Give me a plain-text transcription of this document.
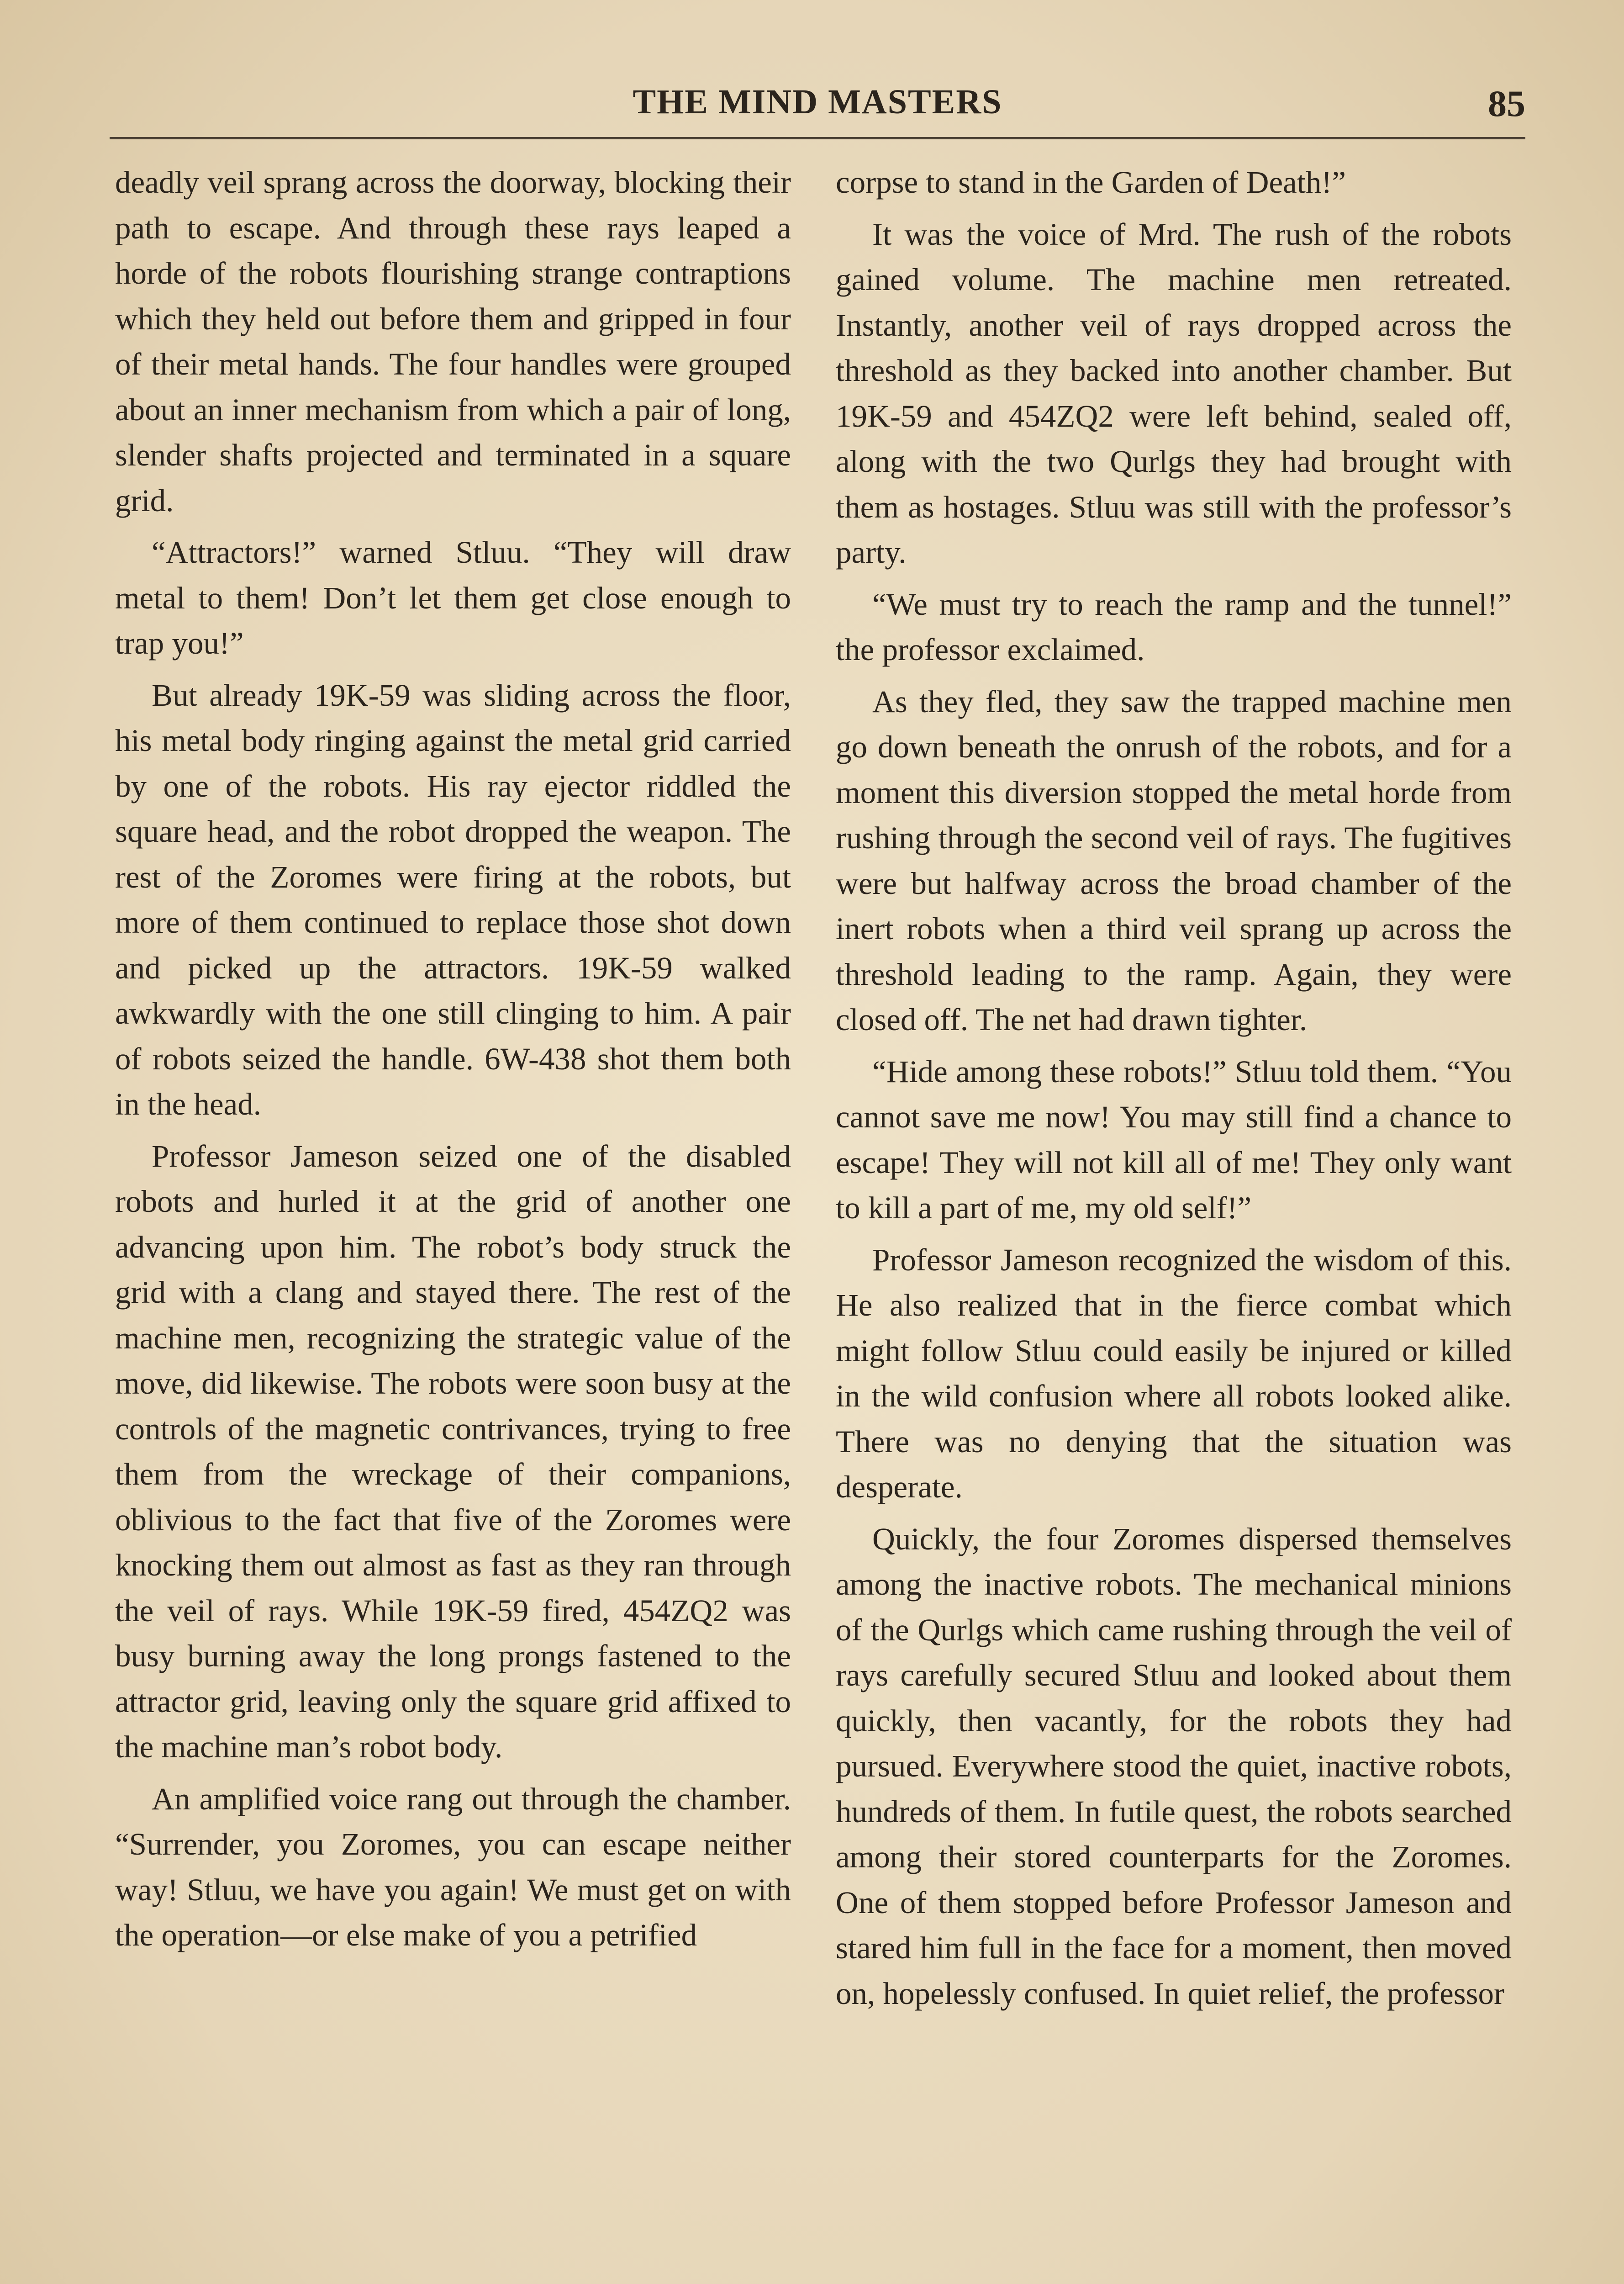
THE MIND MASTERS	85

deadly veil sprang across the doorway, blocking their path to escape. And through these rays leaped a horde of the robots flourishing strange contraptions which they held out before them and gripped in four of their metal hands. The four handles were grouped about an inner mechanism from which a pair of long, slender shafts projected and terminated in a square grid.

“Attractors!” warned Stluu. “They will draw metal to them! Don’t let them get close enough to trap you!”

But already 19K-59 was sliding across the floor, his metal body ringing against the metal grid carried by one of the robots. His ray ejector riddled the square head, and the robot dropped the weapon. The rest of the Zoromes were firing at the robots, but more of them continued to replace those shot down and picked up the attractors. 19K-59 walked awkwardly with the one still clinging to him. A pair of robots seized the handle. 6W-438 shot them both in the head.

Professor Jameson seized one of the disabled robots and hurled it at the grid of another one advancing upon him. The robot’s body struck the grid with a clang and stayed there. The rest of the machine men, recognizing the strategic value of the move, did likewise. The robots were soon busy at the controls of the magnetic contrivances, trying to free them from the wreckage of their companions, oblivious to the fact that five of the Zoromes were knocking them out almost as fast as they ran through the veil of rays. While 19K-59 fired, 454ZQ2 was busy burning away the long prongs fastened to the attractor grid, leaving only the square grid affixed to the machine man’s robot body.

An amplified voice rang out through the chamber. “Surrender, you Zoromes, you can escape neither way! Stluu, we have you again! We must get on with the operation—or else make of you a petrified

corpse to stand in the Garden of Death!”

It was the voice of Mrd. The rush of the robots gained volume. The machine men retreated. Instantly, another veil of rays dropped across the threshold as they backed into another chamber. But 19K-59 and 454ZQ2 were left behind, sealed off, along with the two Qurlgs they had brought with them as hostages. Stluu was still with the professor’s party.

“We must try to reach the ramp and the tunnel!” the professor exclaimed.

As they fled, they saw the trapped machine men go down beneath the onrush of the robots, and for a moment this diversion stopped the metal horde from rushing through the second veil of rays. The fugitives were but halfway across the broad chamber of the inert robots when a third veil sprang up across the threshold leading to the ramp. Again, they were closed off. The net had drawn tighter.

“Hide among these robots!” Stluu told them. “You cannot save me now! You may still find a chance to escape! They will not kill all of me! They only want to kill a part of me, my old self!”

Professor Jameson recognized the wisdom of this. He also realized that in the fierce combat which might follow Stluu could easily be injured or killed in the wild confusion where all robots looked alike. There was no denying that the situation was desperate.

Quickly, the four Zoromes dispersed themselves among the inactive robots. The mechanical minions of the Qurlgs which came rushing through the veil of rays carefully secured Stluu and looked about them quickly, then vacantly, for the robots they had pursued. Everywhere stood the quiet, inactive robots, hundreds of them. In futile quest, the robots searched among their stored counterparts for the Zoromes. One of them stopped before Professor Jameson and stared him full in the face for a moment, then moved on, hopelessly confused. In quiet relief, the professor
